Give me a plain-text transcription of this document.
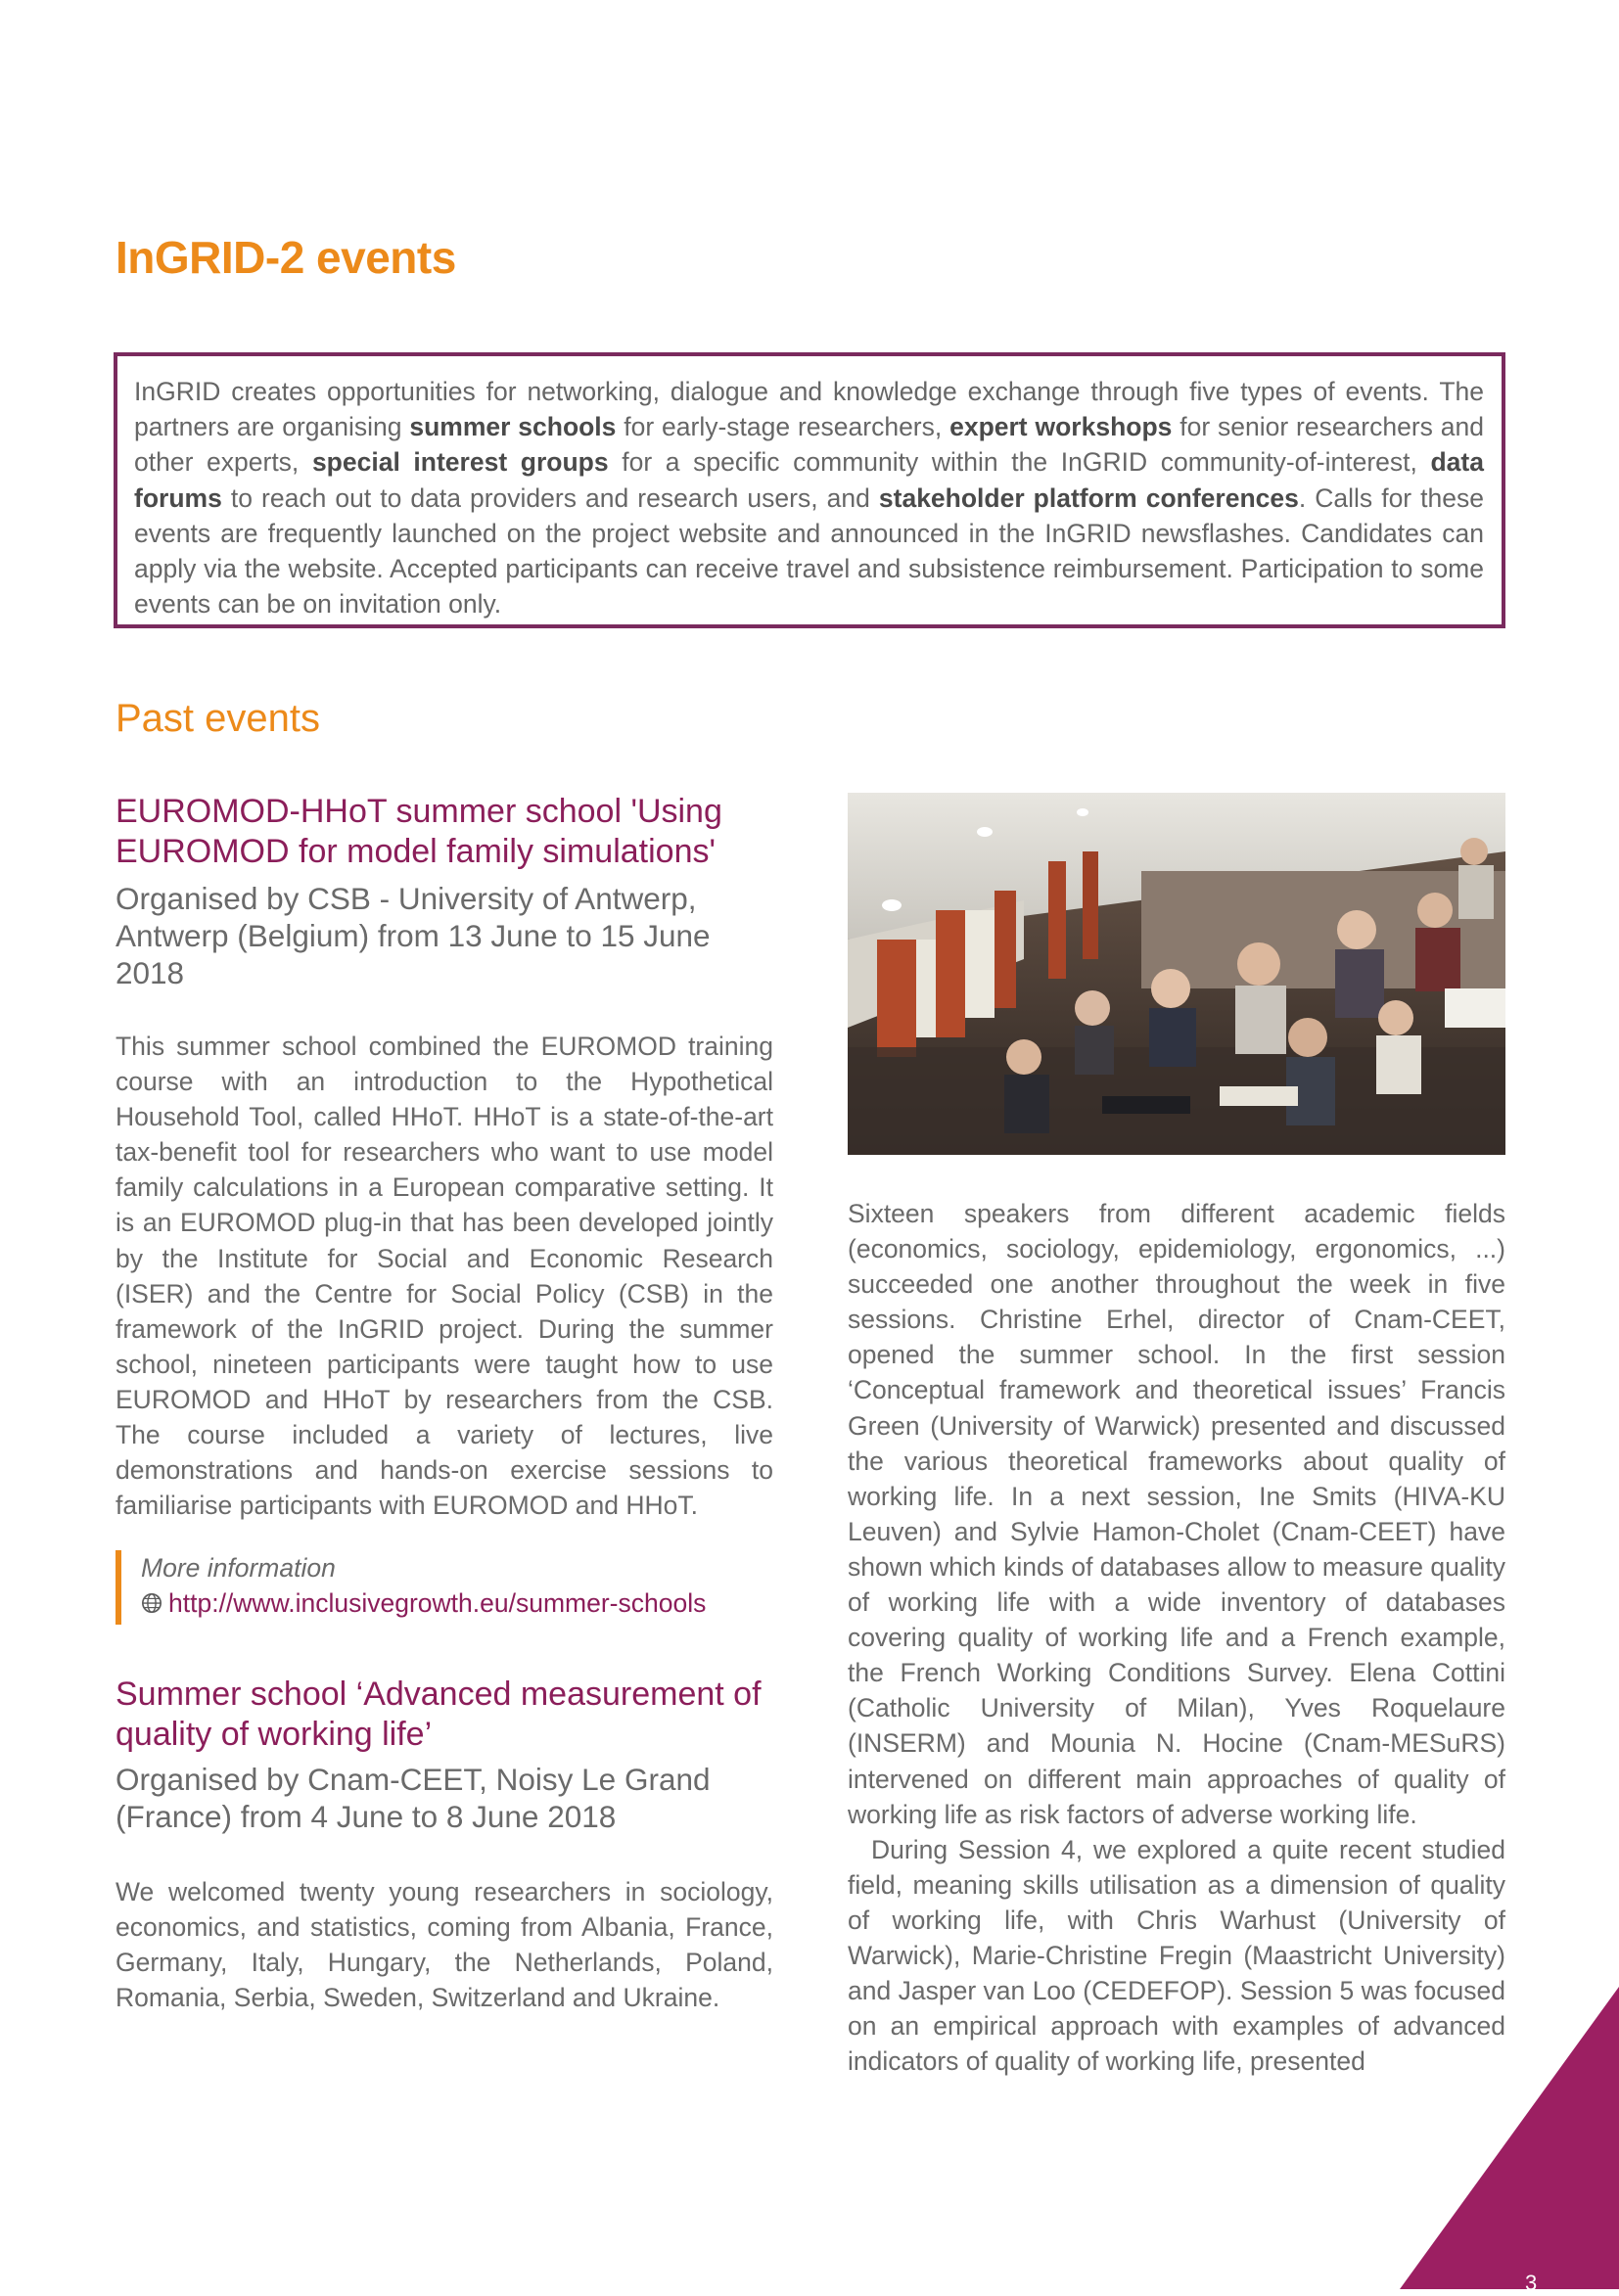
InGRID-2 events
InGRID creates opportunities for networking, dialogue and knowledge exchange through five types of events. The partners are organising summer schools for early-stage researchers, expert workshops for senior researchers and other experts, special interest groups for a specific community within the InGRID community-of-interest, data forums to reach out to data providers and research users, and stakeholder platform conferences. Calls for these events are frequently launched on the project website and announced in the InGRID newsflashes. Candidates can apply via the website. Accepted participants can receive travel and subsistence reimbursement. Participation to some events can be on invitation only.
Past events
EUROMOD-HHoT summer school 'Using EUROMOD for model family simulations'
Organised by CSB - University of Antwerp, Antwerp (Belgium) from 13 June to 15 June 2018

This summer school combined the EUROMOD training course with an introduction to the Hypothetical Household Tool, called HHoT. HHoT is a state-of-the-art tax-benefit tool for researchers who want to use model family calculations in a European comparative setting. It is an EUROMOD plug-in that has been developed jointly by the Institute for Social and Economic Research (ISER) and the Centre for Social Policy (CSB) in the framework of the InGRID project. During the summer school, nineteen participants were taught how to use EUROMOD and HHoT by researchers from the CSB. The course included a variety of lectures, live demonstrations and hands-on exercise sessions to familiarise participants with EUROMOD and HHoT.

More information
http://www.inclusivegrowth.eu/summer-schools
Summer school ‘Advanced measurement of quality of working life’
Organised by Cnam-CEET, Noisy Le Grand (France) from 4 June to 8 June 2018

We welcomed twenty young researchers in sociology, economics, and statistics, coming from Albania, France, Germany, Italy, Hungary, the Netherlands, Poland, Romania, Serbia, Sweden, Switzerland and Ukraine.

Sixteen speakers from different academic fields (economics, sociology, epidemiology, ergonomics, ...) succeeded one another throughout the week in five sessions. Christine Erhel, director of Cnam-CEET, opened the summer school. In the first session ‘Conceptual framework and theoretical issues’ Francis Green (University of Warwick) presented and discussed the various theoretical frameworks about quality of working life. In a next session, Ine Smits (HIVA-KU Leuven) and Sylvie Hamon-Cholet (Cnam-CEET) have shown which kinds of databases allow to measure quality of working life with a wide inventory of databases covering quality of working life and a French example, the French Working Conditions Survey. Elena Cottini (Catholic University of Milan), Yves Roquelaure (INSERM) and Mounia N. Hocine (Cnam-MESuRS) intervened on different main approaches of quality of working life as risk factors of adverse working life.

During Session 4, we explored a quite recent studied field, meaning skills utilisation as a dimension of quality of working life, with Chris Warhust (University of Warwick), Marie-Christine Fregin (Maastricht University) and Jasper van Loo (CEDEFOP). Session 5 was focused on an empirical approach with examples of advanced indicators of quality of working life, presented

3
